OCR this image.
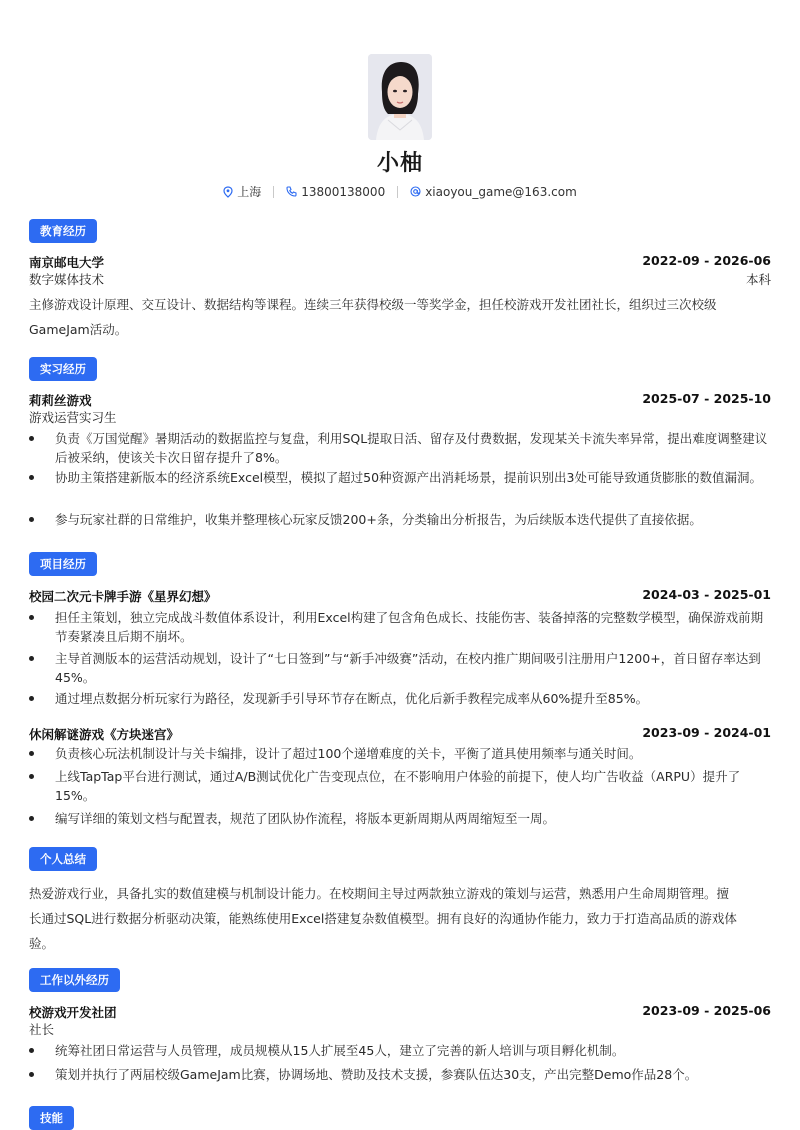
小柚
上海	13800138000	xiaoyou_game@163.com
教育经历
南京邮电大学	2022-09 - 2026-06
数字媒体技术	本科
主修游戏设计原理、交互设计、数据结构等课程。连续三年获得校级一等奖学金，担任校游戏开发社团社长，组织过三次校级
GameJam活动。
实习经历
莉莉丝游戏	2025-07 - 2025-10
游戏运营实习生
负责《万国觉醒》暑期活动的数据监控与复盘，利用SQL提取日活、留存及付费数据，发现某关卡流失率异常，提出难度调整建议后被采纳，使该关卡次日留存提升了8%。
协助主策搭建新版本的经济系统Excel模型，模拟了超过50种资源产出消耗场景，提前识别出3处可能导致通货膨胀的数值漏洞。
参与玩家社群的日常维护，收集并整理核心玩家反馈200+条，分类输出分析报告，为后续版本迭代提供了直接依据。
项目经历
校园二次元卡牌手游《星界幻想》	2024-03 - 2025-01
担任主策划，独立完成战斗数值体系设计，利用Excel构建了包含角色成长、技能伤害、装备掉落的完整数学模型，确保游戏前期节奏紧凑且后期不崩坏。
主导首测版本的运营活动规划，设计了“七日签到”与“新手冲级赛”活动，在校内推广期间吸引注册用户1200+，首日留存率达到45%。
通过埋点数据分析玩家行为路径，发现新手引导环节存在断点，优化后新手教程完成率从60%提升至85%。
休闲解谜游戏《方块迷宫》	2023-09 - 2024-01
负责核心玩法机制设计与关卡编排，设计了超过100个递增难度的关卡，平衡了道具使用频率与通关时间。
上线TapTap平台进行测试，通过A/B测试优化广告变现点位，在不影响用户体验的前提下，使人均广告收益（ARPU）提升了15%。
编写详细的策划文档与配置表，规范了团队协作流程，将版本更新周期从两周缩短至一周。
个人总结
热爱游戏行业，具备扎实的数值建模与机制设计能力。在校期间主导过两款独立游戏的策划与运营，熟悉用户生命周期管理。擅
长通过SQL进行数据分析驱动决策，能熟练使用Excel搭建复杂数值模型。拥有良好的沟通协作能力，致力于打造高品质的游戏体
验。
工作以外经历
校游戏开发社团	2023-09 - 2025-06
社长
统筹社团日常运营与人员管理，成员规模从15人扩展至45人，建立了完善的新人培训与项目孵化机制。
策划并执行了两届校级GameJam比赛，协调场地、赞助及技术支援，参赛队伍达30支，产出完整Demo作品28个。
技能
